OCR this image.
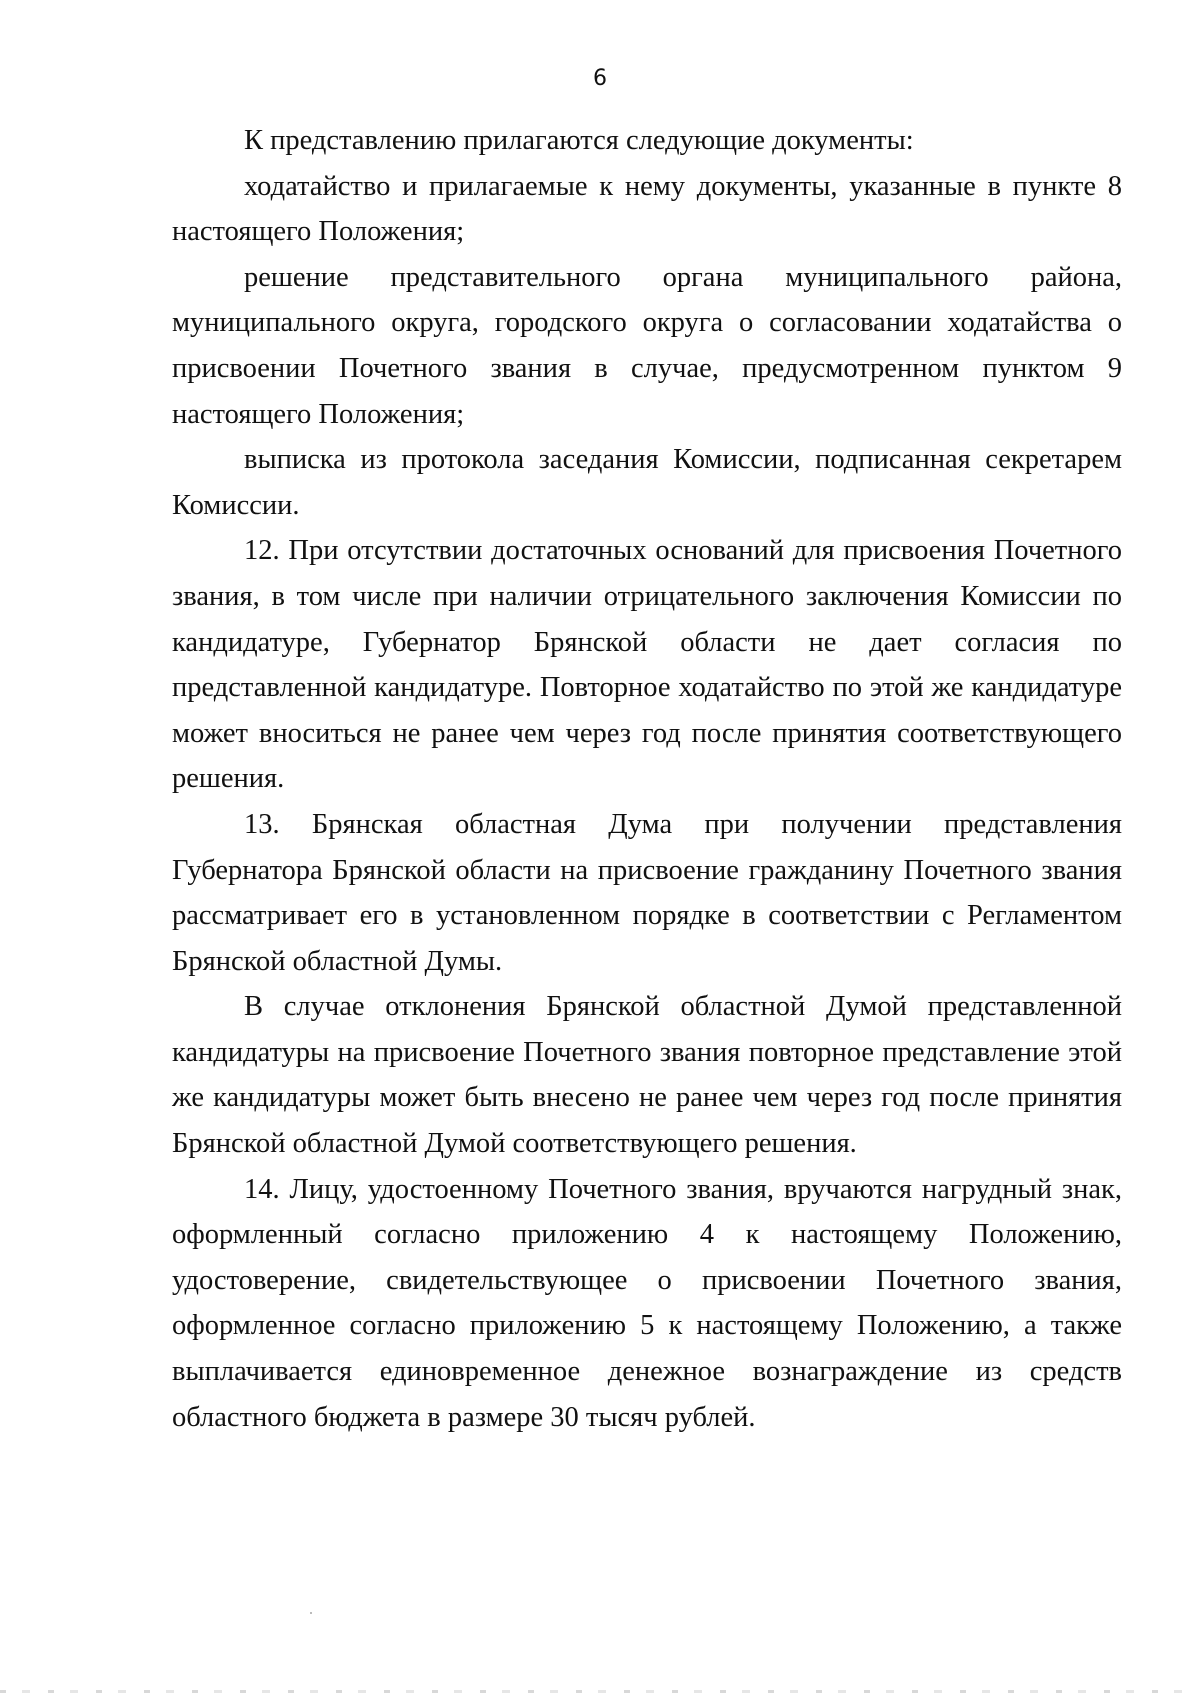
6

К представлению прилагаются следующие документы:

ходатайство и прилагаемые к нему документы, указанные в пункте 8 настоящего Положения;

решение представительного органа муниципального района, муниципального округа, городского округа о согласовании ходатайства о присвоении Почетного звания в случае, предусмотренном пунктом 9 настоящего Положения;

выписка из протокола заседания Комиссии, подписанная секретарем Комиссии.

12. При отсутствии достаточных оснований для присвоения Почетного звания, в том числе при наличии отрицательного заключения Комиссии по кандидатуре, Губернатор Брянской области не дает согласия по представленной кандидатуре. Повторное ходатайство по этой же кандидатуре может вноситься не ранее чем через год после принятия соответствующего решения.

13. Брянская областная Дума при получении представления Губернатора Брянской области на присвоение гражданину Почетного звания рассматривает его в установленном порядке в соответствии с Регламентом Брянской областной Думы.

В случае отклонения Брянской областной Думой представленной кандидатуры на присвоение Почетного звания повторное представление этой же кандидатуры может быть внесено не ранее чем через год после принятия Брянской областной Думой соответствующего решения.

14. Лицу, удостоенному Почетного звания, вручаются нагрудный знак, оформленный согласно приложению 4 к настоящему Положению, удостоверение, свидетельствующее о присвоении Почетного звания, оформленное согласно приложению 5 к настоящему Положению, а также выплачивается единовременное денежное вознаграждение из средств областного бюджета в размере 30 тысяч рублей.
